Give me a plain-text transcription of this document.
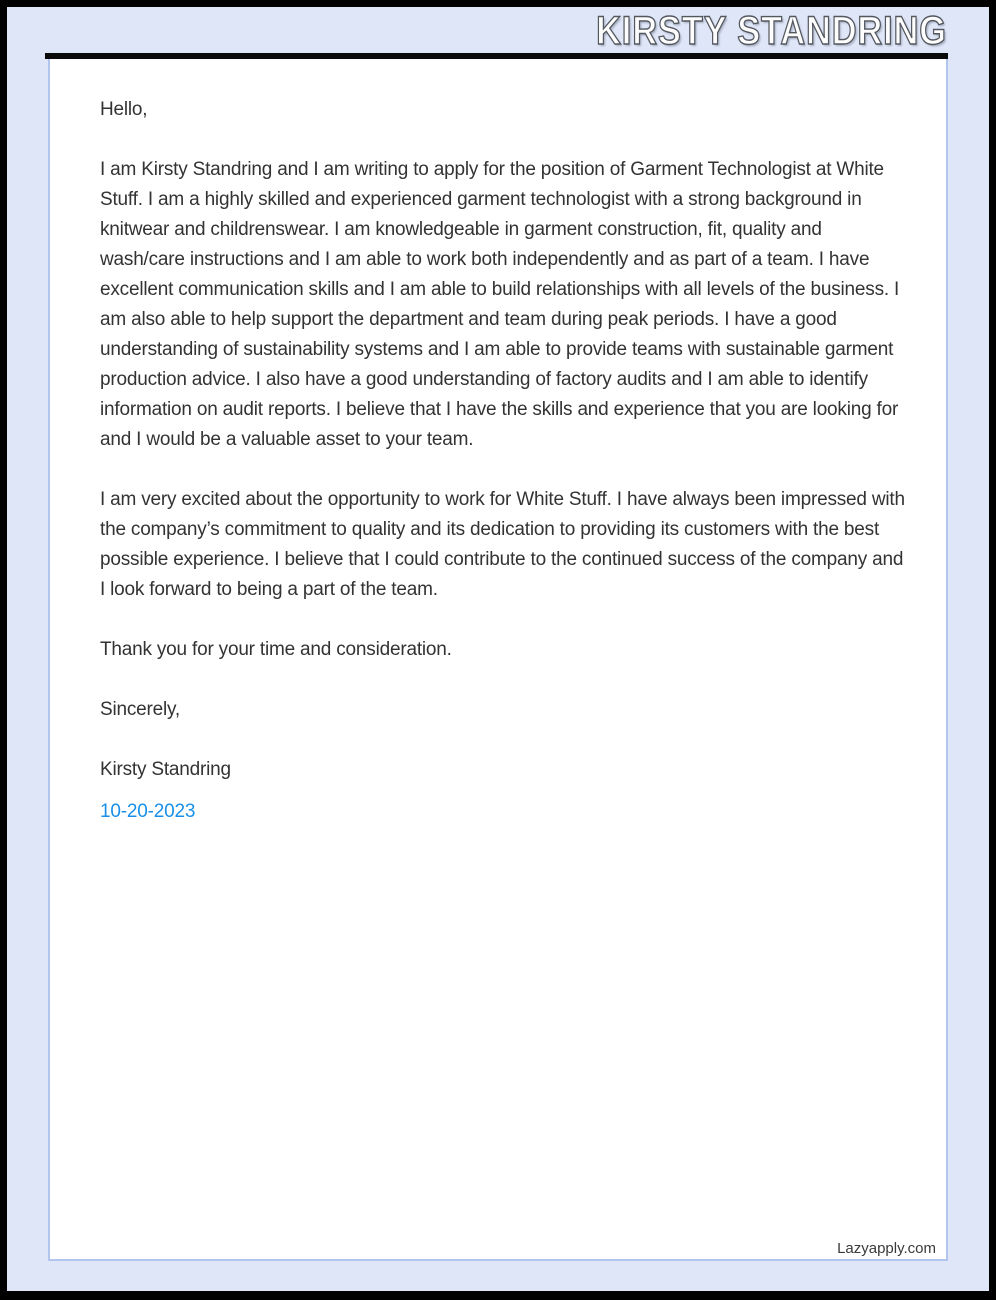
KIRSTY STANDRING

Hello,

I am Kirsty Standring and I am writing to apply for the position of Garment Technologist at White Stuff. I am a highly skilled and experienced garment technologist with a strong background in knitwear and childrenswear. I am knowledgeable in garment construction, fit, quality and wash/care instructions and I am able to work both independently and as part of a team. I have excellent communication skills and I am able to build relationships with all levels of the business. I am also able to help support the department and team during peak periods. I have a good understanding of sustainability systems and I am able to provide teams with sustainable garment production advice. I also have a good understanding of factory audits and I am able to identify information on audit reports. I believe that I have the skills and experience that you are looking for and I would be a valuable asset to your team.

I am very excited about the opportunity to work for White Stuff. I have always been impressed with the company’s commitment to quality and its dedication to providing its customers with the best possible experience. I believe that I could contribute to the continued success of the company and I look forward to being a part of the team.

Thank you for your time and consideration.

Sincerely,

Kirsty Standring

10-20-2023

Lazyapply.com
